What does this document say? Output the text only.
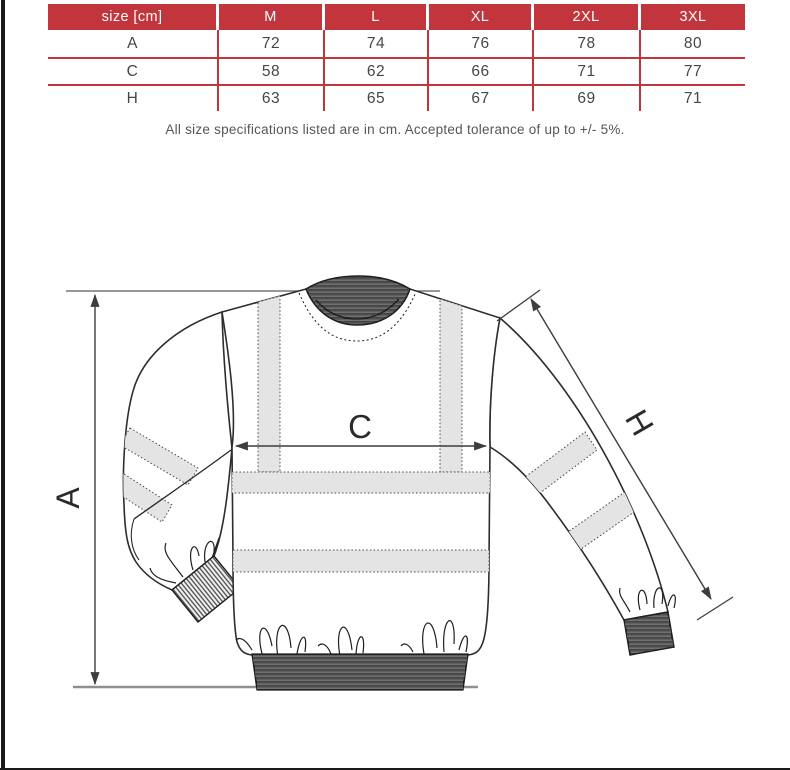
size [cm]	M	L	XL	2XL	3XL
A	72	74	76	78	80
C	58	62	66	71	77
H	63	65	67	69	71
All size specifications listed are in cm. Accepted tolerance of up to +/- 5%.
A
C	H
